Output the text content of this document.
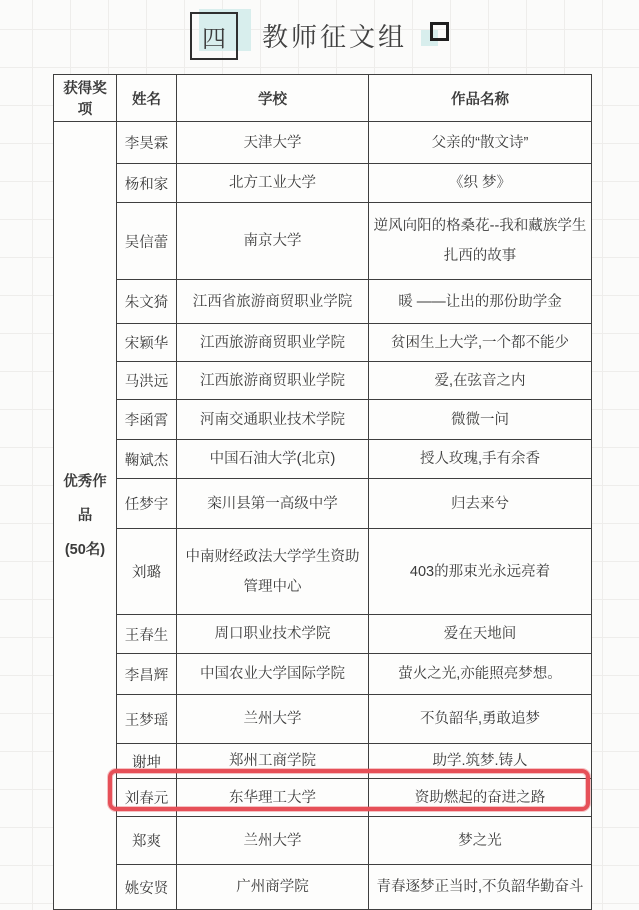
四 教师征文组
获得奖项	姓名	学校	作品名称

优秀作品
(50名)	李昊霖	天津大学	父亲的“散文诗”
	杨和家	北方工业大学	《织 梦》
	吴信蕾	南京大学	逆风向阳的格桑花--我和藏族学生扎西的故事
	朱文猗	江西省旅游商贸职业学院	暖 ——让出的那份助学金
	宋颖华	江西旅游商贸职业学院	贫困生上大学,一个都不能少
	马洪远	江西旅游商贸职业学院	爱,在弦音之内
	李函霄	河南交通职业技术学院	微微一问
	鞠斌杰	中国石油大学(北京)	授人玫瑰,手有余香
	任梦宇	栾川县第一高级中学	归去来兮
	刘璐	中南财经政法大学学生资助管理中心	403的那束光永远亮着
	王春生	周口职业技术学院	爱在天地间
	李昌辉	中国农业大学国际学院	萤火之光,亦能照亮梦想。
	王梦瑶	兰州大学	不负韶华,勇敢追梦
	谢坤	郑州工商学院	助学.筑梦.铸人
	刘春元	东华理工大学	资助燃起的奋进之路
	郑爽	兰州大学	梦之光
	姚安贤	广州商学院	青春逐梦正当时,不负韶华勤奋斗
